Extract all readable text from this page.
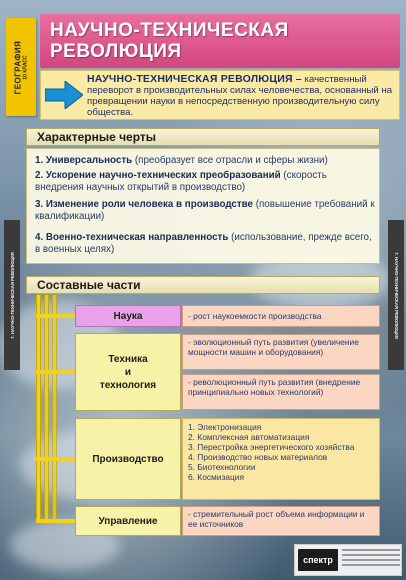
ГЕОГРАФИЯ 10 КЛАСС
НАУЧНО-ТЕХНИЧЕСКАЯ РЕВОЛЮЦИЯ
НАУЧНО-ТЕХНИЧЕСКАЯ РЕВОЛЮЦИЯ – качественный переворот в производительных силах человечества, основанный на превращении науки в непосредственную производительную силу общества.
7. НАУЧНО-ТЕХНИЧЕСКАЯ РЕВОЛЮЦИЯ	7. НАУЧНО-ТЕХНИЧЕСКАЯ РЕВОЛЮЦИЯ
Характерные черты
1. Универсальность (преобразует все отрасли и сферы жизни)
2. Ускорение научно-технических преобразований (скорость внедрения научных открытий в производство)
3. Изменение роли человека в производстве (повышение требований к квалификации)
4. Военно-техническая направленность (использование, прежде всего, в военных целях)
Составные части
Наука	- рост наукоемкости производства
Техника
и
технология
- эволюционный путь развития (увеличение мощности машин и оборудования)
- революционный путь развития (внедрение принципиально новых технологий)
Производство
1. Электронизация
2. Комплексная автоматизация
3. Перестройка энергетического хозяйства
4. Производство новых материалов
5. Биотехнологии
6. Космизация
Управление
- стремительный рост объема информации и ее источников
спектр
